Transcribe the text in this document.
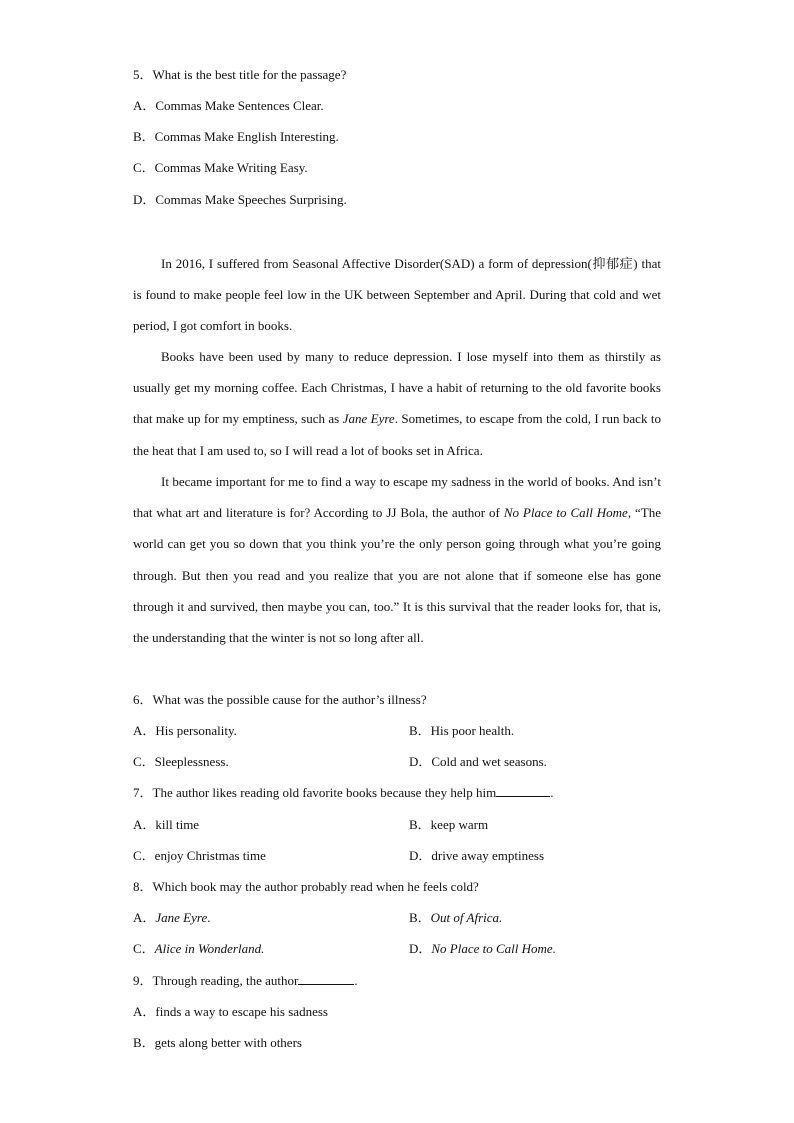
5．What is the best title for the passage?
A．Commas Make Sentences Clear.
B．Commas Make English Interesting.
C．Commas Make Writing Easy.
D．Commas Make Speeches Surprising.
In 2016, I suffered from Seasonal Affective Disorder(SAD) a form of depression(抑郁症) that is found to make people feel low in the UK between September and April. During that cold and wet period, I got comfort in books.
Books have been used by many to reduce depression. I lose myself into them as thirstily as usually get my morning coffee. Each Christmas, I have a habit of returning to the old favorite books that make up for my emptiness, such as Jane Eyre. Sometimes, to escape from the cold, I run back to the heat that I am used to, so I will read a lot of books set in Africa.
It became important for me to find a way to escape my sadness in the world of books. And isn’t that what art and literature is for? According to JJ Bola, the author of No Place to Call Home, “The world can get you so down that you think you’re the only person going through what you’re going through. But then you read and you realize that you are not alone that if someone else has gone through it and survived, then maybe you can, too.” It is this survival that the reader looks for, that is, the understanding that the winter is not so long after all.
6．What was the possible cause for the author’s illness?
A．His personality.	B．His poor health.
C．Sleeplessness.	D．Cold and wet seasons.
7．The author likes reading old favorite books because they help him	.
A．kill time	B．keep warm
C．enjoy Christmas time	D．drive away emptiness
8．Which book may the author probably read when he feels cold?
A．Jane Eyre.	B．Out of Africa.
C．Alice in Wonderland.	D．No Place to Call Home.
9．Through reading, the author	.
A．finds a way to escape his sadness
B．gets along better with others
